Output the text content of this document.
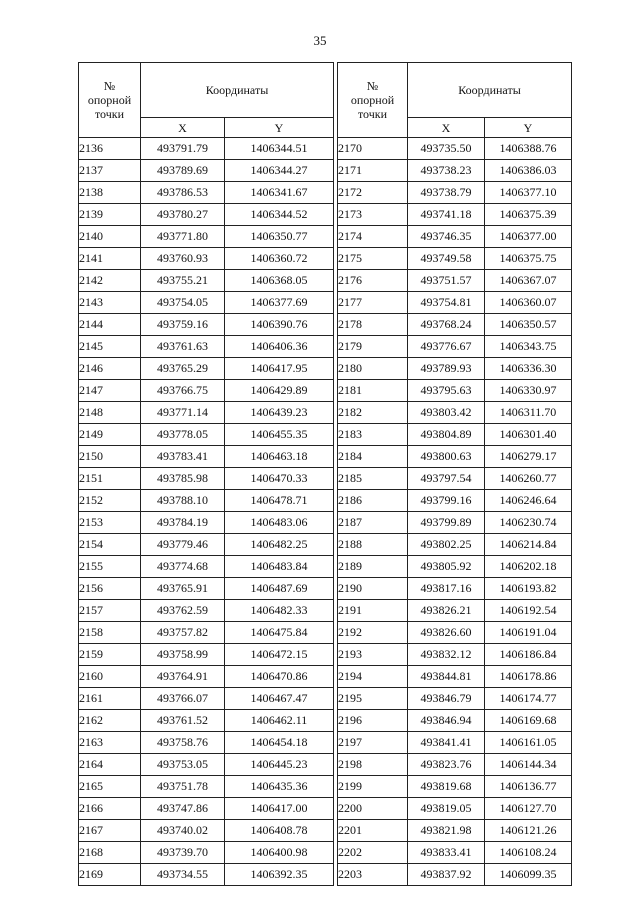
35
№
опорной
точки	Координаты	
	X	Y
2136	493791.79	1406344.51
2137	493789.69	1406344.27
2138	493786.53	1406341.67
2139	493780.27	1406344.52
2140	493771.80	1406350.77
2141	493760.93	1406360.72
2142	493755.21	1406368.05
2143	493754.05	1406377.69
2144	493759.16	1406390.76
2145	493761.63	1406406.36
2146	493765.29	1406417.95
2147	493766.75	1406429.89
2148	493771.14	1406439.23
2149	493778.05	1406455.35
2150	493783.41	1406463.18
2151	493785.98	1406470.33
2152	493788.10	1406478.71
2153	493784.19	1406483.06
2154	493779.46	1406482.25
2155	493774.68	1406483.84
2156	493765.91	1406487.69
2157	493762.59	1406482.33
2158	493757.82	1406475.84
2159	493758.99	1406472.15
2160	493764.91	1406470.86
2161	493766.07	1406467.47
2162	493761.52	1406462.11
2163	493758.76	1406454.18
2164	493753.05	1406445.23
2165	493751.78	1406435.36
2166	493747.86	1406417.00
2167	493740.02	1406408.78
2168	493739.70	1406400.98
2169	493734.55	1406392.35
№
опорной
точки	Координаты	
	X	Y
2170	493735.50	1406388.76
2171	493738.23	1406386.03
2172	493738.79	1406377.10
2173	493741.18	1406375.39
2174	493746.35	1406377.00
2175	493749.58	1406375.75
2176	493751.57	1406367.07
2177	493754.81	1406360.07
2178	493768.24	1406350.57
2179	493776.67	1406343.75
2180	493789.93	1406336.30
2181	493795.63	1406330.97
2182	493803.42	1406311.70
2183	493804.89	1406301.40
2184	493800.63	1406279.17
2185	493797.54	1406260.77
2186	493799.16	1406246.64
2187	493799.89	1406230.74
2188	493802.25	1406214.84
2189	493805.92	1406202.18
2190	493817.16	1406193.82
2191	493826.21	1406192.54
2192	493826.60	1406191.04
2193	493832.12	1406186.84
2194	493844.81	1406178.86
2195	493846.79	1406174.77
2196	493846.94	1406169.68
2197	493841.41	1406161.05
2198	493823.76	1406144.34
2199	493819.68	1406136.77
2200	493819.05	1406127.70
2201	493821.98	1406121.26
2202	493833.41	1406108.24
2203	493837.92	1406099.35
